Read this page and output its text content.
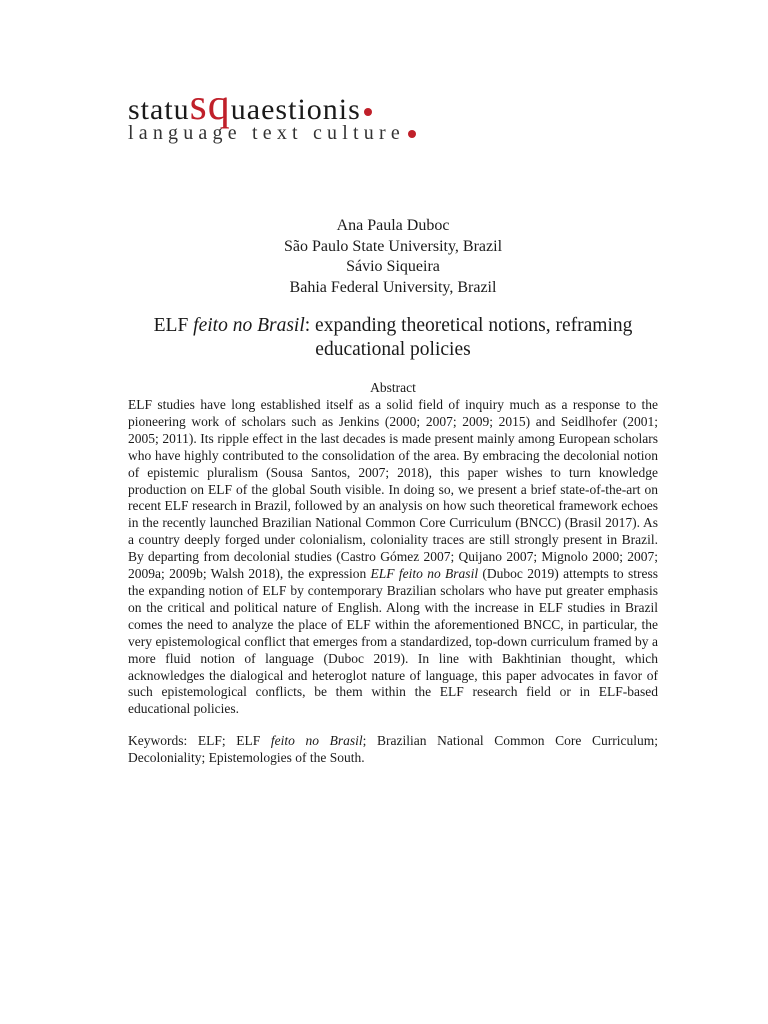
statusquaestionis
language text culture
Ana Paula Duboc
São Paulo State University, Brazil
Sávio Siqueira
Bahia Federal University, Brazil
ELF feito no Brasil: expanding theoretical notions, reframing educational policies
Abstract

ELF studies have long established itself as a solid field of inquiry much as a response to the pioneering work of scholars such as Jenkins (2000; 2007; 2009; 2015) and Seidlhofer (2001; 2005; 2011). Its ripple effect in the last decades is made present mainly among European scholars who have highly contributed to the consolidation of the area. By embracing the decolonial notion of epistemic pluralism (Sousa Santos, 2007; 2018), this paper wishes to turn knowledge production on ELF of the global South visible. In doing so, we present a brief state-of-the-art on recent ELF research in Brazil, followed by an analysis on how such theoretical framework echoes in the recently launched Brazilian National Common Core Curriculum (BNCC) (Brasil 2017). As a country deeply forged under colonialism, coloniality traces are still strongly present in Brazil. By departing from decolonial studies (Castro Gómez 2007; Quijano 2007; Mignolo 2000; 2007; 2009a; 2009b; Walsh 2018), the expression ELF feito no Brasil (Duboc 2019) attempts to stress the expanding notion of ELF by contemporary Brazilian scholars who have put greater emphasis on the critical and political nature of English. Along with the increase in ELF studies in Brazil comes the need to analyze the place of ELF within the aforementioned BNCC, in particular, the very epistemological conflict that emerges from a standardized, top-down curriculum framed by a more fluid notion of language (Duboc 2019). In line with Bakhtinian thought, which acknowledges the dialogical and heteroglot nature of language, this paper advocates in favor of such epistemological conflicts, be them within the ELF research field or in ELF-based educational policies.

Keywords: ELF; ELF feito no Brasil; Brazilian National Common Core Curriculum; Decoloniality; Epistemologies of the South.
